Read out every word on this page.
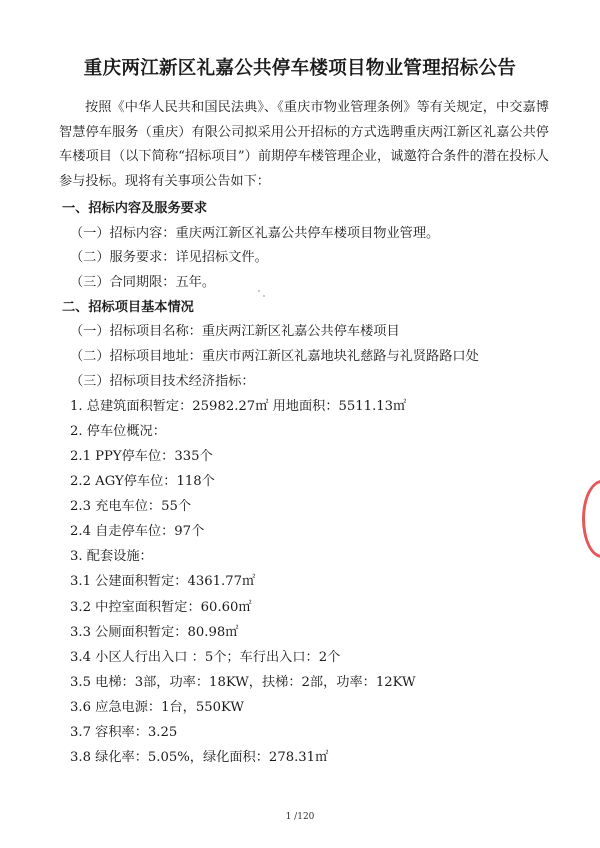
重庆两江新区礼嘉公共停车楼项目物业管理招标公告

按照《中华人民共和国民法典》、《重庆市物业管理条例》等有关规定，中交嘉博智慧停车服务（重庆）有限公司拟采用公开招标的方式选聘重庆两江新区礼嘉公共停车楼项目（以下简称“招标项目”）前期停车楼管理企业，诚邀符合条件的潜在投标人参与投标。现将有关事项公告如下：

一、招标内容及服务要求
（一）招标内容：重庆两江新区礼嘉公共停车楼项目物业管理。
（二）服务要求：详见招标文件。
（三）合同期限：五年。
二、招标项目基本情况
（一）招标项目名称：重庆两江新区礼嘉公共停车楼项目
（二）招标项目地址：重庆市两江新区礼嘉地块礼慈路与礼贤路路口处
（三）招标项目技术经济指标：
1. 总建筑面积暂定：25982.27㎡ 用地面积：5511.13㎡
2. 停车位概况：
2.1 PPY停车位：335个
2.2 AGY停车位：118个
2.3 充电车位：55个
2.4 自走停车位：97个
3. 配套设施：
3.1 公建面积暂定：4361.77㎡
3.2 中控室面积暂定：60.60㎡
3.3 公厕面积暂定：80.98㎡
3.4 小区人行出入口 ：5个；车行出入口：2个
3.5 电梯：3部，功率：18KW，扶梯：2部，功率：12KW
3.6 应急电源：1台，550KW
3.7 容积率：3.25
3.8 绿化率：5.05%，绿化面积：278.31㎡
1 /120
